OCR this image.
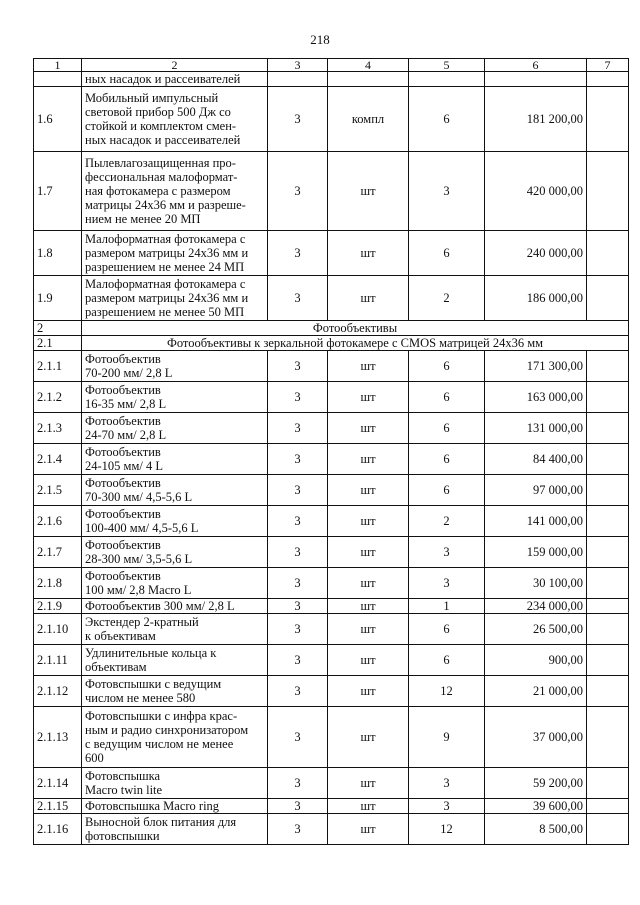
218
1	2	3	4	5	6	7

	ных насадок и рассеивателей					

1.6	Мобильный импульсный
световой прибор 500 Дж со
стойкой и комплектом смен-
ных насадок и рассеивателей	3	компл	6	181 200,00	
1.7	Пылевлагозащищенная про-
фессиональная малоформат-
ная фотокамера с размером
матрицы 24х36 мм и разреше-
нием не менее 20 МП	3	шт	3	420 000,00	
1.8	Малоформатная фотокамера с
размером матрицы 24х36 мм и
разрешением не менее 24 МП	3	шт	6	240 000,00	
1.9	Малоформатная фотокамера с
размером матрицы 24х36 мм и
разрешением не менее 50 МП	3	шт	2	186 000,00	
2	Фотообъективы					
2.1	Фотообъективы к зеркальной фотокамере с CMOS матрицей 24х36 мм					
2.1.1	Фотообъектив
70-200 мм/ 2,8 L	3	шт	6	171 300,00	
2.1.2	Фотообъектив
16-35 мм/ 2,8 L	3	шт	6	163 000,00	
2.1.3	Фотообъектив
24-70 мм/ 2,8 L	3	шт	6	131 000,00	
2.1.4	Фотообъектив
24-105 мм/ 4 L	3	шт	6	84 400,00	
2.1.5	Фотообъектив
70-300 мм/ 4,5-5,6 L	3	шт	6	97 000,00	
2.1.6	Фотообъектив
100-400 мм/ 4,5-5,6 L	3	шт	2	141 000,00	
2.1.7	Фотообъектив
28-300 мм/ 3,5-5,6 L	3	шт	3	159 000,00	
2.1.8	Фотообъектив
100 мм/ 2,8 Macro L	3	шт	3	30 100,00	
2.1.9	Фотообъектив 300 мм/ 2,8 L	3	шт	1	234 000,00	
2.1.10	Экстендер 2-кратный
к объективам	3	шт	6	26 500,00	
2.1.11	Удлинительные кольца к
объективам	3	шт	6	900,00	
2.1.12	Фотовспышки с ведущим
числом не менее 580	3	шт	12	21 000,00	
2.1.13	Фотовспышки с инфра крас-
ным и радио синхронизатором
с ведущим числом не менее
600	3	шт	9	37 000,00	
2.1.14	Фотовспышка
Macro twin lite	3	шт	3	59 200,00	
2.1.15	Фотовспышка Macro ring	3	шт	3	39 600,00	
2.1.16	Выносной блок питания для
фотовспышки	3	шт	12	8 500,00	
